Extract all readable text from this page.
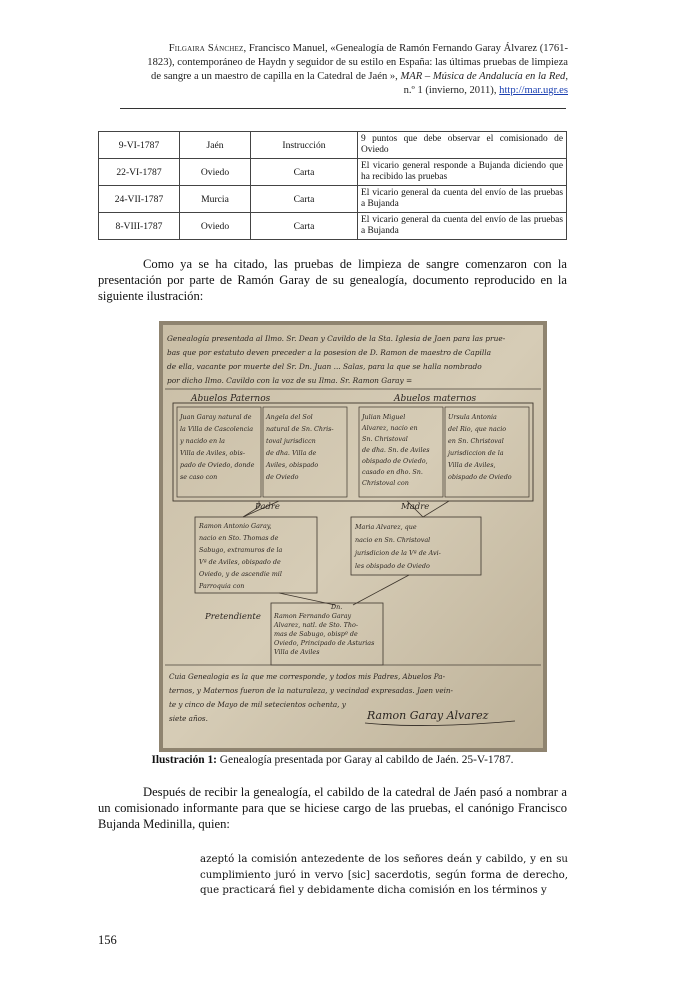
Filgaira Sánchez, Francisco Manuel, «Genealogía de Ramón Fernando Garay Álvarez (1761-
1823), contemporáneo de Haydn y seguidor de su estilo en España: las últimas pruebas de limpieza
de sangre a un maestro de capilla en la Catedral de Jaén », MAR – Música de Andalucía en la Red,
n.º 1 (invierno, 2011), http://mar.ugr.es
9-VI-1787	Jaén	Instrucción	9 puntos que debe observar el comisionado de Oviedo
22-VI-1787	Oviedo	Carta	El vicario general responde a Bujanda diciendo que ha recibido las pruebas
24-VII-1787	Murcia	Carta	El vicario general da cuenta del envío de las pruebas a Bujanda
8-VIII-1787	Oviedo	Carta	El vicario general da cuenta del envío de las pruebas a Bujanda
Como ya se ha citado, las pruebas de limpieza de sangre comenzaron con la presentación por parte de Ramón Garay de su genealogía, documento reproducido en la siguiente ilustración:
Genealogía presentada al Ilmo. Sr. Dean y Cavildo de la Sta. Iglesia de Jaen para las prue-
bas que por estatuto deven preceder a la posesion de D. Ramon de maestro de Capilla
de ella, vacante por muerte del Sr. Dn. Juan ... Salas, para la que se halla nombrado
por dicho Ilmo. Cavildo con la voz de su Ilma. Sr. Ramon Garay =
Abuelos Paternos	Abuelos maternos
Juan Garay natural de
la Villa de Cascolencia
y nacido en la
Villa de Aviles, obis-
pado de Oviedo, donde
se caso con
Angela del Sol
natural de Sn. Chris-
toval jurisdiccn
de dha. Villa de
Aviles, obispado
de Oviedo
Julian Miguel
Alvarez, nacio en
Sn. Christoval
de dha. Sn. de Aviles
obispado de Oviedo,
casado en dho. Sn.
Christoval con
Ursula Antonia
del Rio, que nacio
en Sn. Christoval
jurisdiccion de la
Villa de Aviles,
obispado de Oviedo
Padre	Madre
Ramon Antonio Garay,
nacio en Sto. Thomas de
Sabugo, extramuros de la
Vª de Aviles, obispado de
Oviedo, y de ascendie mil
Parroquia con
Maria Alvarez, que
nacio en Sn. Christoval
jurisdicion de la Vª de Avi-
les obispado de Oviedo
Pretendiente
Dn.
Ramon Fernando Garay
Alvarez, natl. de Sto. Tho-
mas de Sabugo, obispº de
Oviedo, Principado de Asturias
Villa de Aviles
Cuia Genealogia es la que me corresponde, y todos mis Padres, Abuelos Pa-
ternos, y Maternos fueron de la naturaleza, y vecindad expresadas. Jaen vein-
te y cinco de Mayo de mil setecientos ochenta, y
siete años.	Ramon Garay Alvarez
Ilustración 1: Genealogía presentada por Garay al cabildo de Jaén. 25-V-1787.
Después de recibir la genealogía, el cabildo de la catedral de Jaén pasó a nombrar a un comisionado informante para que se hiciese cargo de las pruebas, el canónigo Francisco Bujanda Medinilla, quien:
azeptó la comisión antezedente de los señores deán y cabildo, y en su cumplimiento juró in vervo [sic] sacerdotis, según forma de derecho, que practicará fiel y debidamente dicha comisión en los términos y
156
